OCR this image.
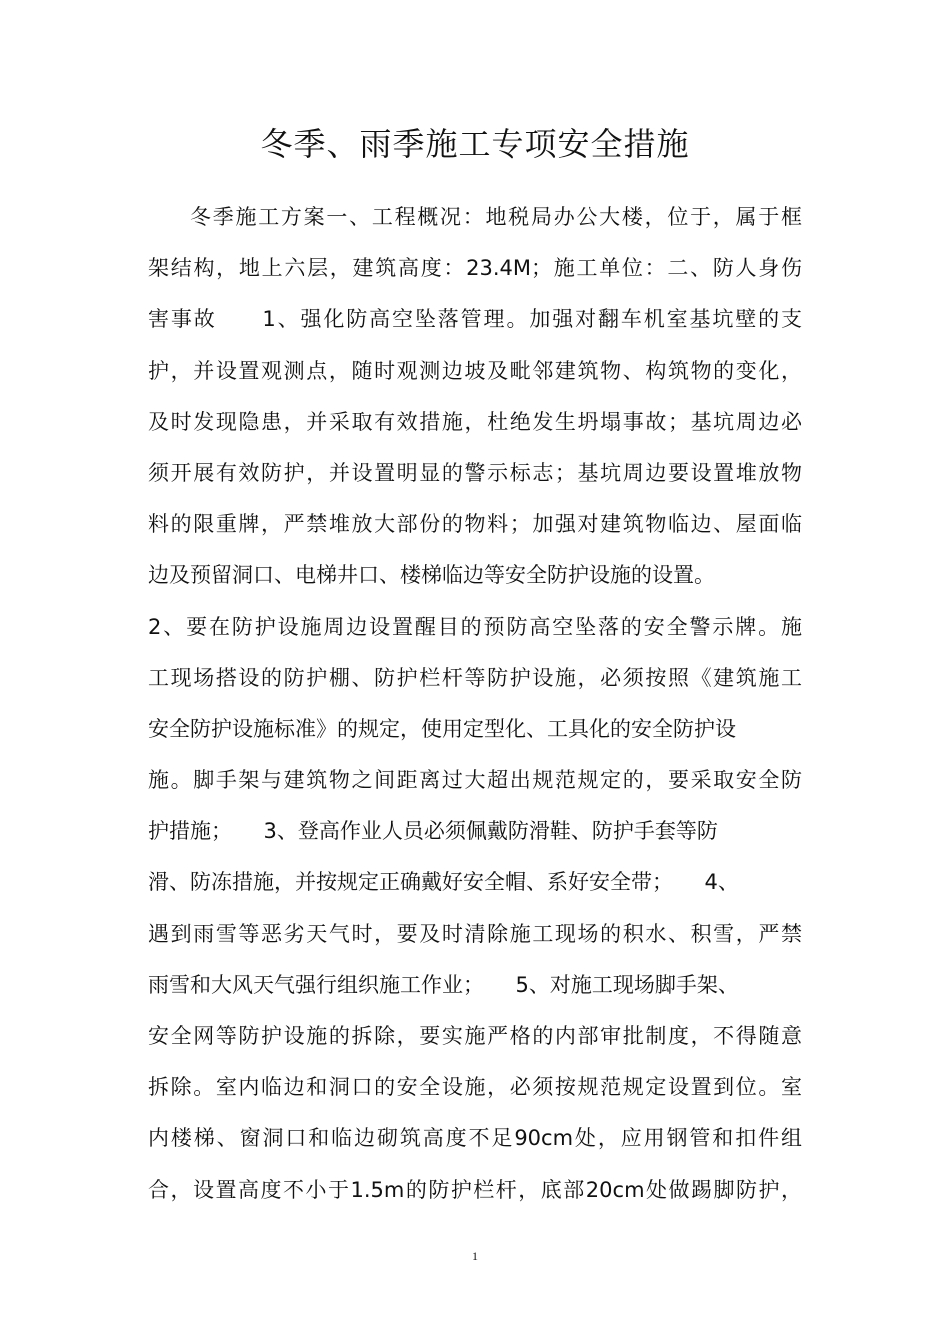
冬季、雨季施工专项安全措施
冬季施工方案一、工程概况：地税局办公大楼，位于，属于框
架结构，地上六层，建筑高度：23.4M；施工单位：二、防人身伤
害事故　　1、强化防高空坠落管理。加强对翻车机室基坑壁的支
护，并设置观测点，随时观测边坡及毗邻建筑物、构筑物的变化，
及时发现隐患，并采取有效措施，杜绝发生坍塌事故；基坑周边必
须开展有效防护，并设置明显的警示标志；基坑周边要设置堆放物
料的限重牌，严禁堆放大部份的物料；加强对建筑物临边、屋面临
边及预留洞口、电梯井口、楼梯临边等安全防护设施的设置。
2、要在防护设施周边设置醒目的预防高空坠落的安全警示牌。施
工现场搭设的防护棚、防护栏杆等防护设施，必须按照《建筑施工
安全防护设施标准》的规定，使用定型化、工具化的安全防护设
施。脚手架与建筑物之间距离过大超出规范规定的，要采取安全防
护措施；　　3、登高作业人员必须佩戴防滑鞋、防护手套等防
滑、防冻措施，并按规定正确戴好安全帽、系好安全带；　　4、
遇到雨雪等恶劣天气时，要及时清除施工现场的积水、积雪，严禁
雨雪和大风天气强行组织施工作业；　　5、对施工现场脚手架、
安全网等防护设施的拆除，要实施严格的内部审批制度，不得随意
拆除。室内临边和洞口的安全设施，必须按规范规定设置到位。室
内楼梯、窗洞口和临边砌筑高度不足90cm处，应用钢管和扣件组
合，设置高度不小于1.5m的防护栏杆，底部20cm处做踢脚防护，
1
